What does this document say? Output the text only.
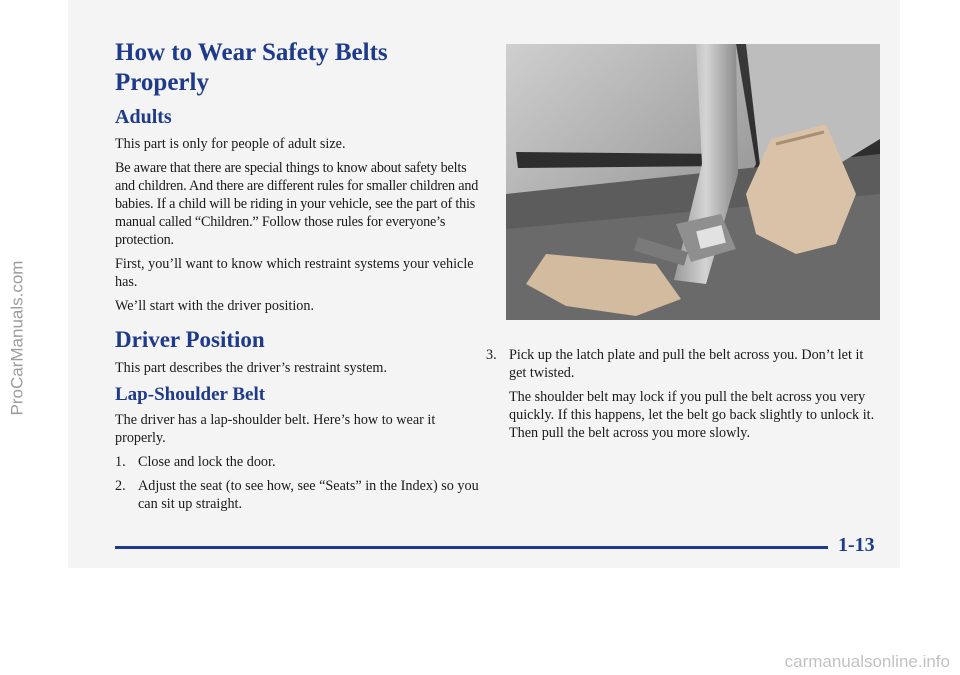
ProCarManuals.com
How to Wear Safety Belts Properly
Adults

This part is only for people of adult size.

Be aware that there are special things to know about safety belts and children. And there are different rules for smaller children and babies. If a child will be riding in your vehicle, see the part of this manual called “Children.” Follow those rules for everyone’s protection.

First, you’ll want to know which restraint systems your vehicle has.

We’ll start with the driver position.

Driver Position

This part describes the driver’s restraint system.

Lap-Shoulder Belt

The driver has a lap-shoulder belt. Here’s how to wear it properly.

1. Close and lock the door.
2. Adjust the seat (to see how, see “Seats” in the Index) so you can sit up straight.
3. Pick up the latch plate and pull the belt across you. Don’t let it get twisted.

The shoulder belt may lock if you pull the belt across you very quickly. If this happens, let the belt go back slightly to unlock it. Then pull the belt across you more slowly.

1-13
carmanualsonline.info
